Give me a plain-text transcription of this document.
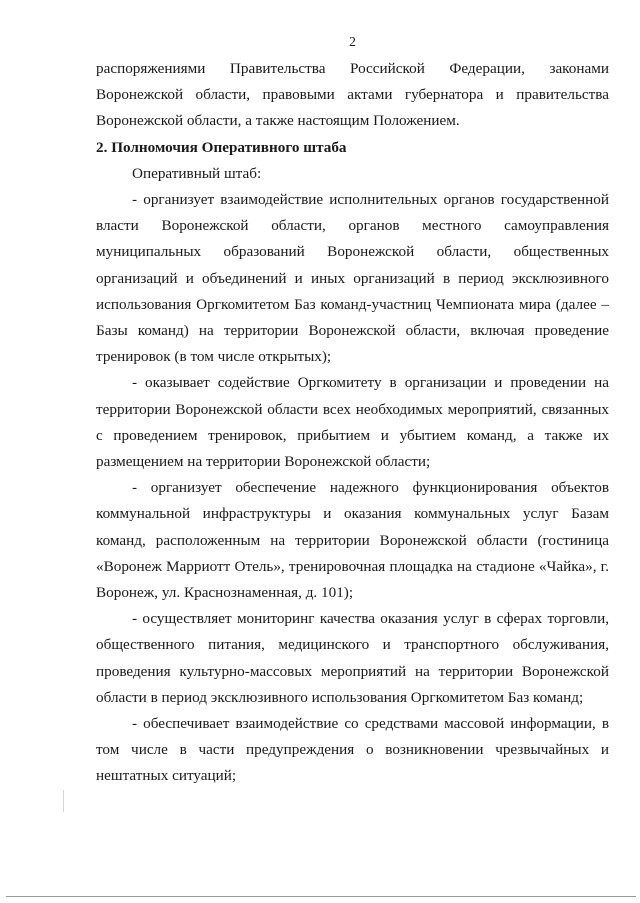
2

распоряжениями Правительства Российской Федерации, законами Воронежской области, правовыми актами губернатора и правительства Воронежской области, а также настоящим Положением.

2. Полномочия Оперативного штаба

Оперативный штаб:

- организует взаимодействие исполнительных органов государственной власти Воронежской области, органов местного самоуправления муниципальных образований Воронежской области, общественных организаций и объединений и иных организаций в период эксклюзивного использования Оргкомитетом Баз команд-участниц Чемпионата мира (далее – Базы команд) на территории Воронежской области, включая проведение тренировок (в том числе открытых);

- оказывает содействие Оргкомитету в организации и проведении на территории Воронежской области всех необходимых мероприятий, связанных с проведением тренировок, прибытием и убытием команд, а также их размещением на территории Воронежской области;

- организует обеспечение надежного функционирования объектов коммунальной инфраструктуры и оказания коммунальных услуг Базам команд, расположенным на территории Воронежской области (гостиница «Воронеж Марриотт Отель», тренировочная площадка на стадионе «Чайка», г. Воронеж, ул. Краснознаменная, д. 101);

- осуществляет мониторинг качества оказания услуг в сферах торговли, общественного питания, медицинского и транспортного обслуживания, проведения культурно-массовых мероприятий на территории Воронежской области в период эксклюзивного использования Оргкомитетом Баз команд;

- обеспечивает взаимодействие со средствами массовой информации, в том числе в части предупреждения о возникновении чрезвычайных и нештатных ситуаций;
